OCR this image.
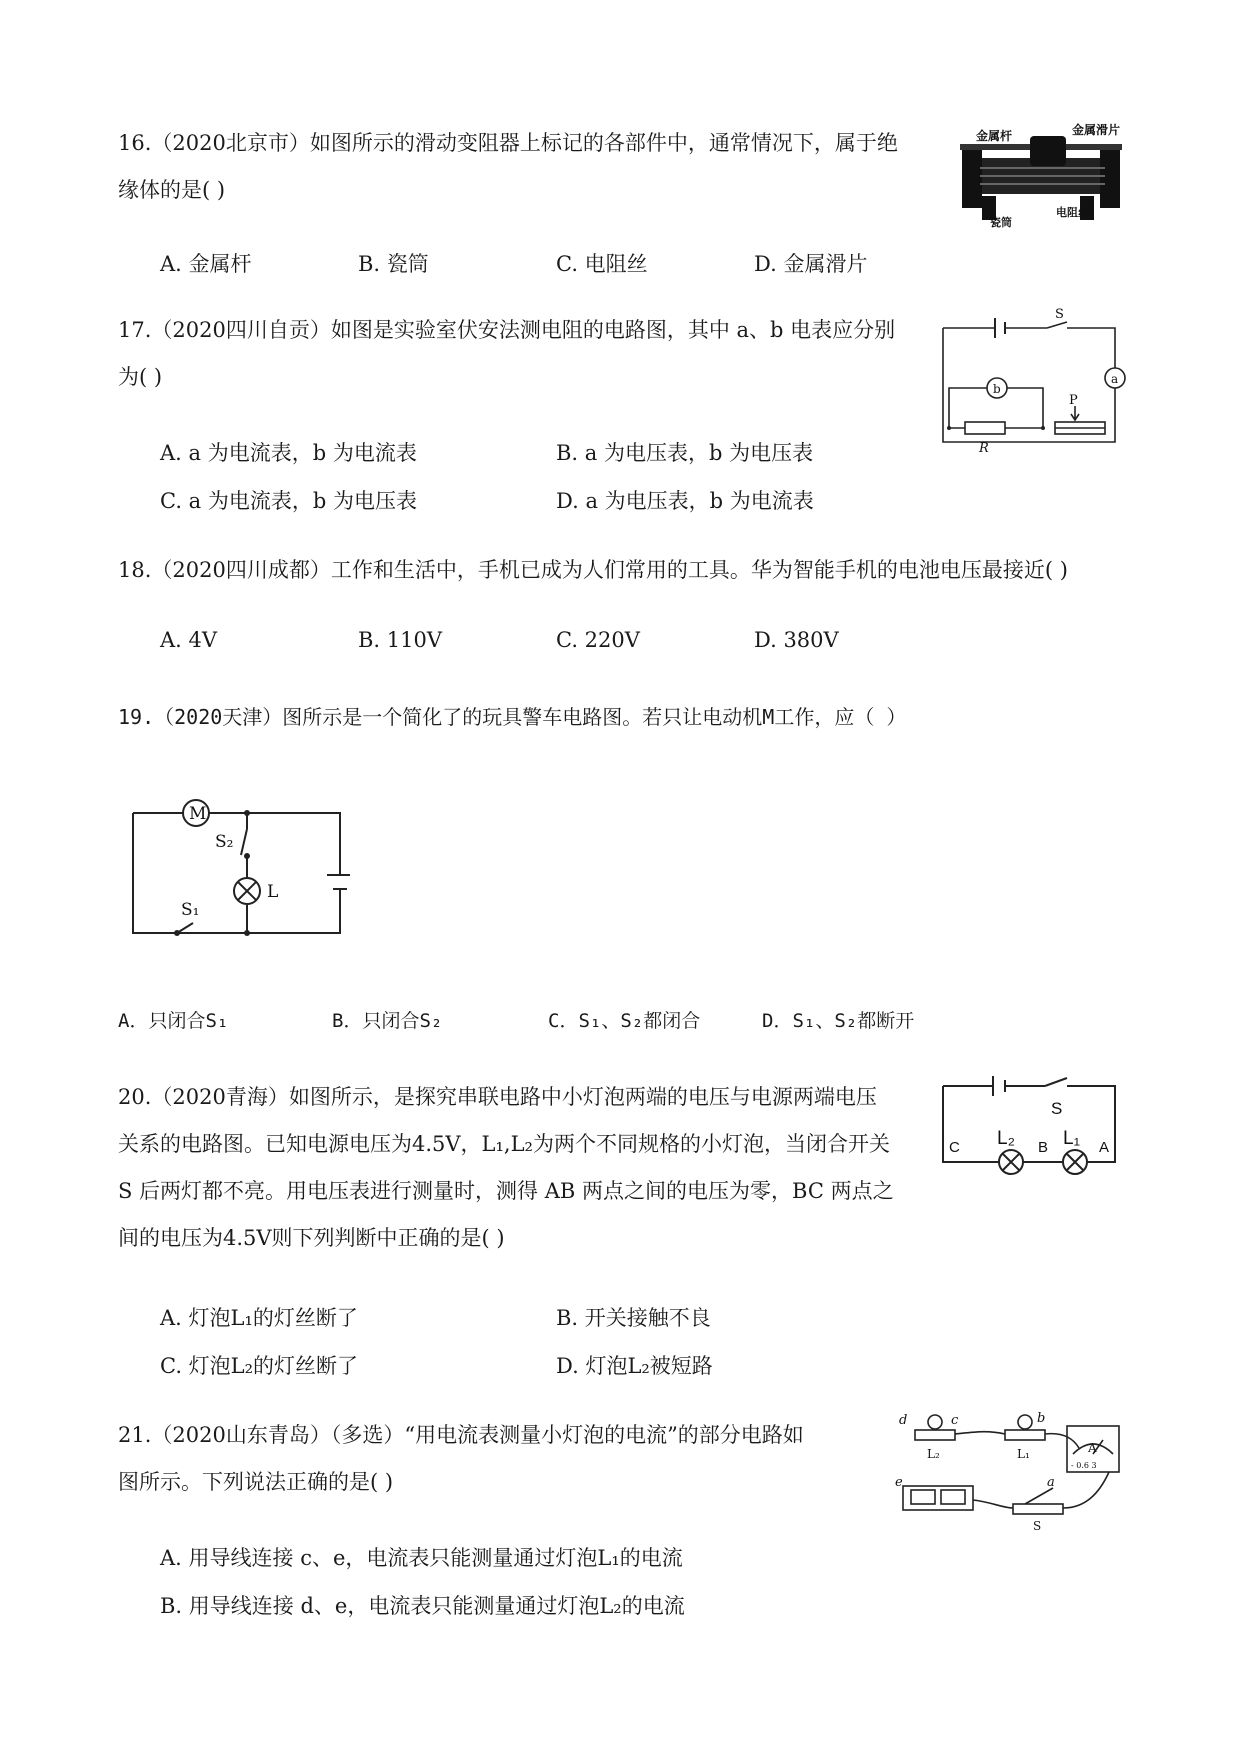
16.（2020北京市）如图所示的滑动变阻器上标记的各部件中，通常情况下，属于绝
缘体的是( )
A. 金属杆	B. 瓷筒	C. 电阻丝	D. 金属滑片
金属杆	金属滑片
瓷筒
电阻丝
17.（2020四川自贡）如图是实验室伏安法测电阻的电路图，其中 a、b 电表应分别
为( )
A. a 为电流表，b 为电流表	B. a 为电压表，b 为电压表
C. a 为电流表，b 为电压表	D. a 为电压表，b 为电流表
S
a
b
P
R
18.（2020四川成都）工作和生活中，手机已成为人们常用的工具。华为智能手机的电池电压最接近( )
A. 4V	B. 110V	C. 220V	D. 380V
19.（2020天津）图所示是一个简化了的玩具警车电路图。若只让电动机M工作，应（ ）
M
S₂
L
S₁
A．只闭合S₁	B．只闭合S₂	C．S₁、S₂都闭合	D．S₁、S₂都断开
20.（2020青海）如图所示，是探究串联电路中小灯泡两端的电压与电源两端电压
关系的电路图。已知电源电压为4.5V，L₁,L₂为两个不同规格的小灯泡，当闭合开关
S 后两灯都不亮。用电压表进行测量时，测得 AB 两点之间的电压为零，BC 两点之
间的电压为4.5V则下列判断中正确的是( )
S
C L₂ B L₁ A
A. 灯泡L₁的灯丝断了	B. 开关接触不良
C. 灯泡L₂的灯丝断了	D. 灯泡L₂被短路
21.（2020山东青岛）（多选）“用电流表测量小灯泡的电流”的部分电路如
图所示。下列说法正确的是( )
d	c	b
L₂	L₁	A
e	a
S
- 0.6 3
A. 用导线连接 c、e，电流表只能测量通过灯泡L₁的电流
B. 用导线连接 d、e，电流表只能测量通过灯泡L₂的电流
